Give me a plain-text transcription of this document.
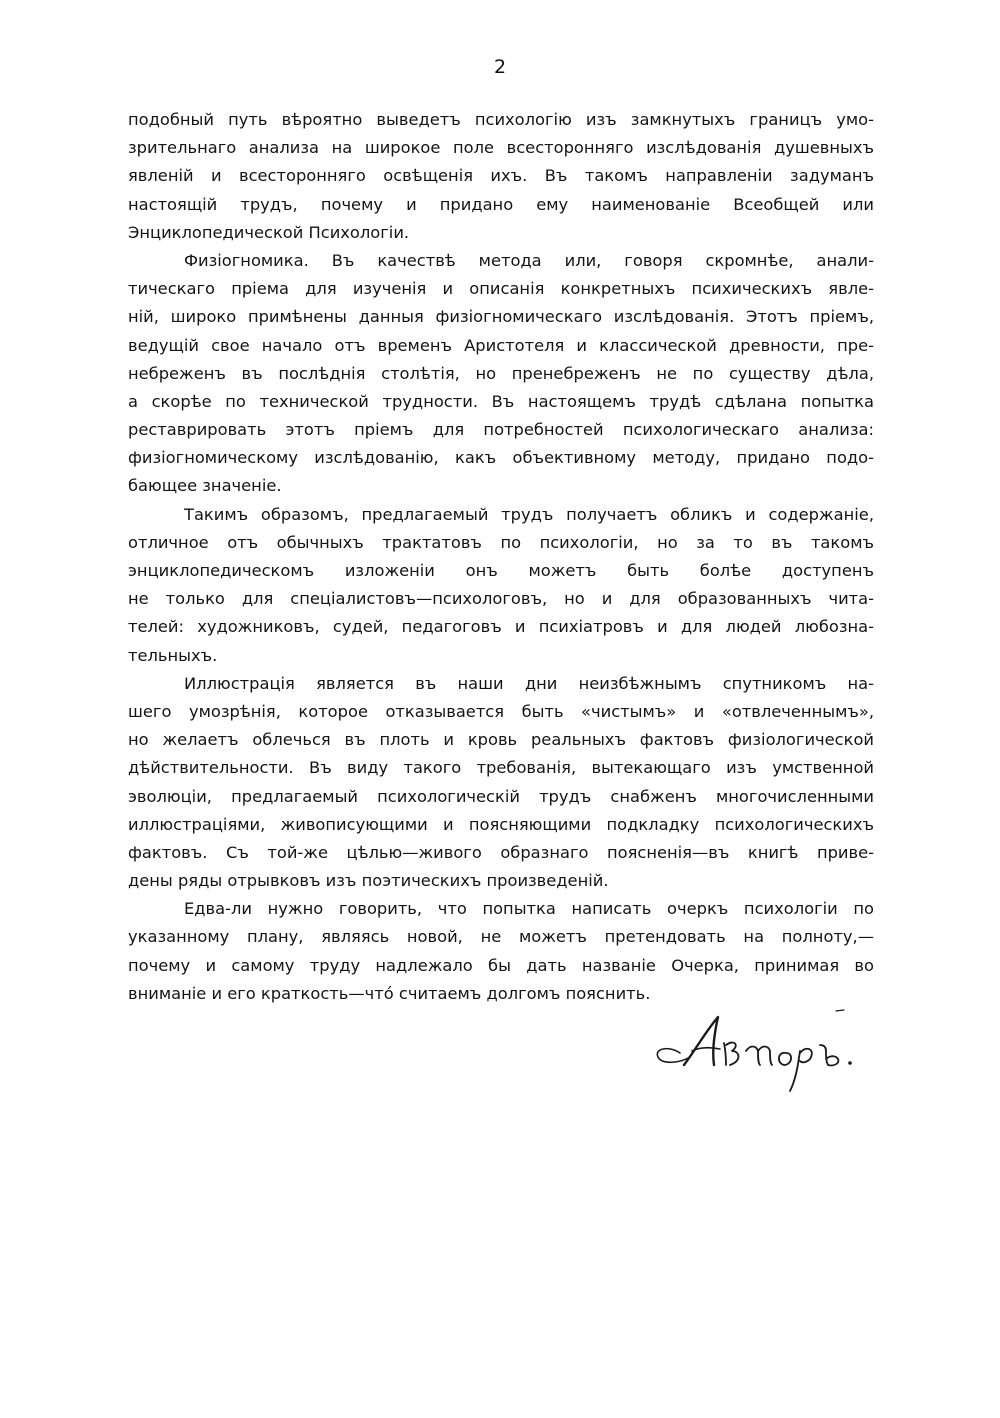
2
подобный путь вѣроятно выведетъ психологію изъ замкнутыхъ границъ умо-
зрительнаго анализа на широкое поле всесторонняго изслѣдованія душевныхъ
явленій и всесторонняго освѣщенія ихъ. Въ такомъ направленіи задуманъ
настоящій трудъ, почему и придано ему наименованіе Всеобщей или
Энциклопедической Психологіи.
Физіогномика. Въ качествѣ метода или, говоря скромнѣе, анали-
тическаго пріема для изученія и описанія конкретныхъ психическихъ явле-
ній, широко примѣнены данныя физіогномическаго изслѣдованія. Этотъ пріемъ,
ведущій свое начало отъ временъ Аристотеля и классической древности, пре-
небреженъ въ послѣднія столѣтія, но пренебреженъ не по существу дѣла,
а скорѣе по технической трудности. Въ настоящемъ трудѣ сдѣлана попытка
реставрировать этотъ пріемъ для потребностей психологическаго анализа:
физіогномическому изслѣдованію, какъ объективному методу, придано подо-
бающее значеніе.
Такимъ образомъ, предлагаемый трудъ получаетъ обликъ и содержаніе,
отличное отъ обычныхъ трактатовъ по психологіи, но за то въ такомъ
энциклопедическомъ изложеніи онъ можетъ быть болѣе доступенъ
не только для спеціалистовъ—психологовъ, но и для образованныхъ чита-
телей: художниковъ, судей, педагоговъ и психіатровъ и для людей любозна-
тельныхъ.
Иллюстрація является въ наши дни неизбѣжнымъ спутникомъ на-
шего умозрѣнія, которое отказывается быть «чистымъ» и «отвлеченнымъ»,
но желаетъ облечься въ плоть и кровь реальныхъ фактовъ физіологической
дѣйствительности. Въ виду такого требованія, вытекающаго изъ умственной
эволюціи, предлагаемый психологическій трудъ снабженъ многочисленными
иллюстраціями, живописующими и поясняющими подкладку психологическихъ
фактовъ. Съ той-же цѣлью—живого образнаго поясненія—въ книгѣ приве-
дены ряды отрывковъ изъ поэтическихъ произведеній.
Едва-ли нужно говорить, что попытка написать очеркъ психологіи по
указанному плану, являясь новой, не можетъ претендовать на полноту,—
почему и самому труду надлежало бы дать названіе Очерка, принимая во
вниманіе и его краткость—что́ считаемъ долгомъ пояснить.
